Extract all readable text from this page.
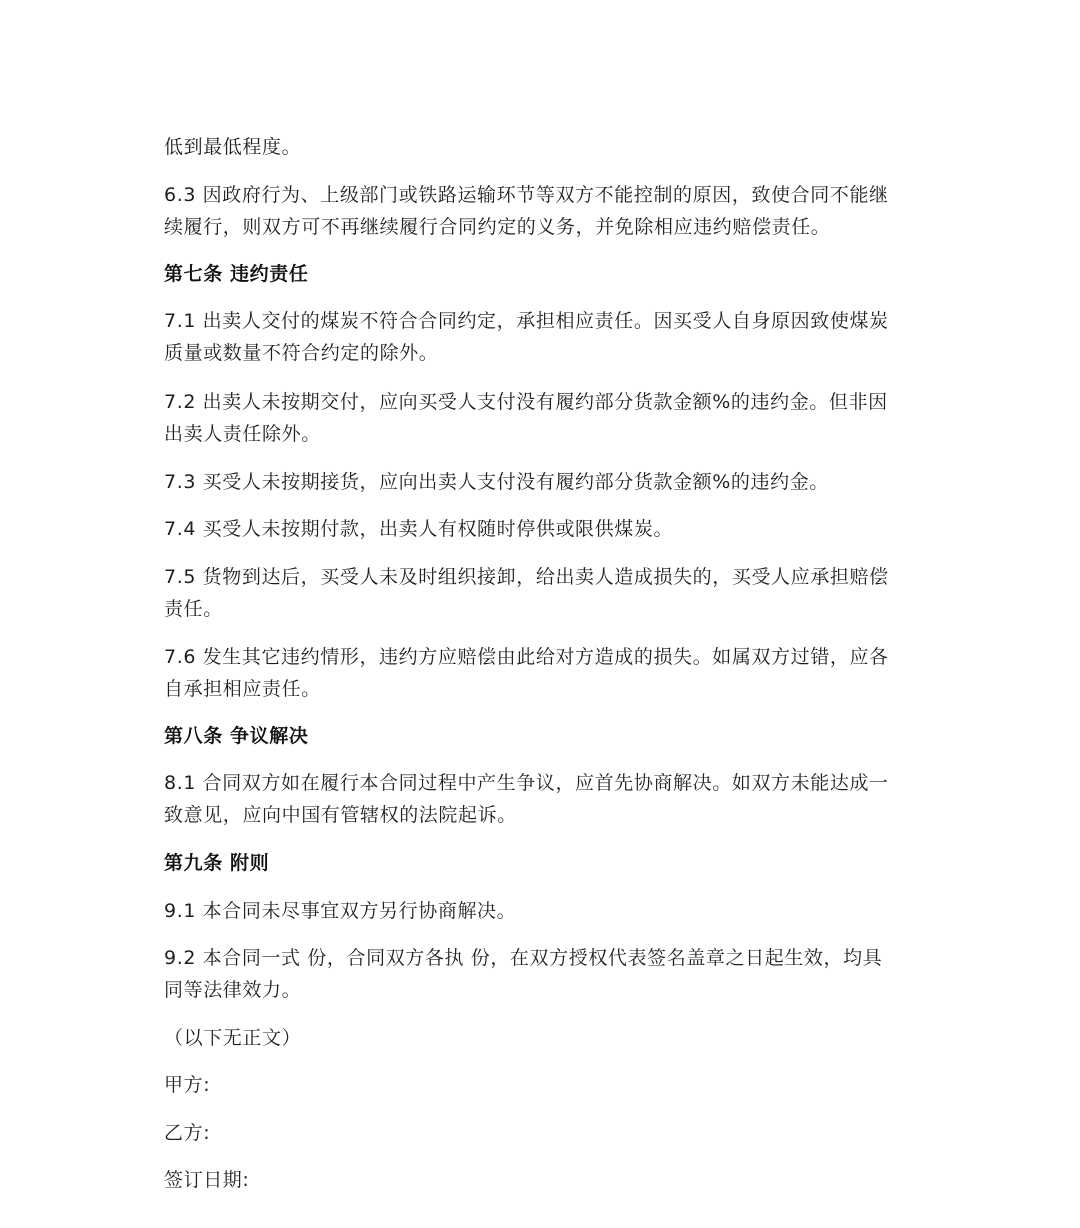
低到最低程度。
6.3 因政府行为、上级部门或铁路运输环节等双方不能控制的原因，致使合同不能继
续履行，则双方可不再继续履行合同约定的义务，并免除相应违约赔偿责任。
第七条 违约责任
7.1 出卖人交付的煤炭不符合合同约定，承担相应责任。因买受人自身原因致使煤炭
质量或数量不符合约定的除外。
7.2 出卖人未按期交付，应向买受人支付没有履约部分货款金额%的违约金。但非因
出卖人责任除外。
7.3 买受人未按期接货，应向出卖人支付没有履约部分货款金额%的违约金。
7.4 买受人未按期付款，出卖人有权随时停供或限供煤炭。
7.5 货物到达后，买受人未及时组织接卸，给出卖人造成损失的，买受人应承担赔偿
责任。
7.6 发生其它违约情形，违约方应赔偿由此给对方造成的损失。如属双方过错，应各
自承担相应责任。
第八条 争议解决
8.1 合同双方如在履行本合同过程中产生争议，应首先协商解决。如双方未能达成一
致意见，应向中国有管辖权的法院起诉。
第九条 附则
9.1 本合同未尽事宜双方另行协商解决。
9.2 本合同一式 份，合同双方各执 份，在双方授权代表签名盖章之日起生效，均具
同等法律效力。
（以下无正文）
甲方:
乙方:
签订日期:
